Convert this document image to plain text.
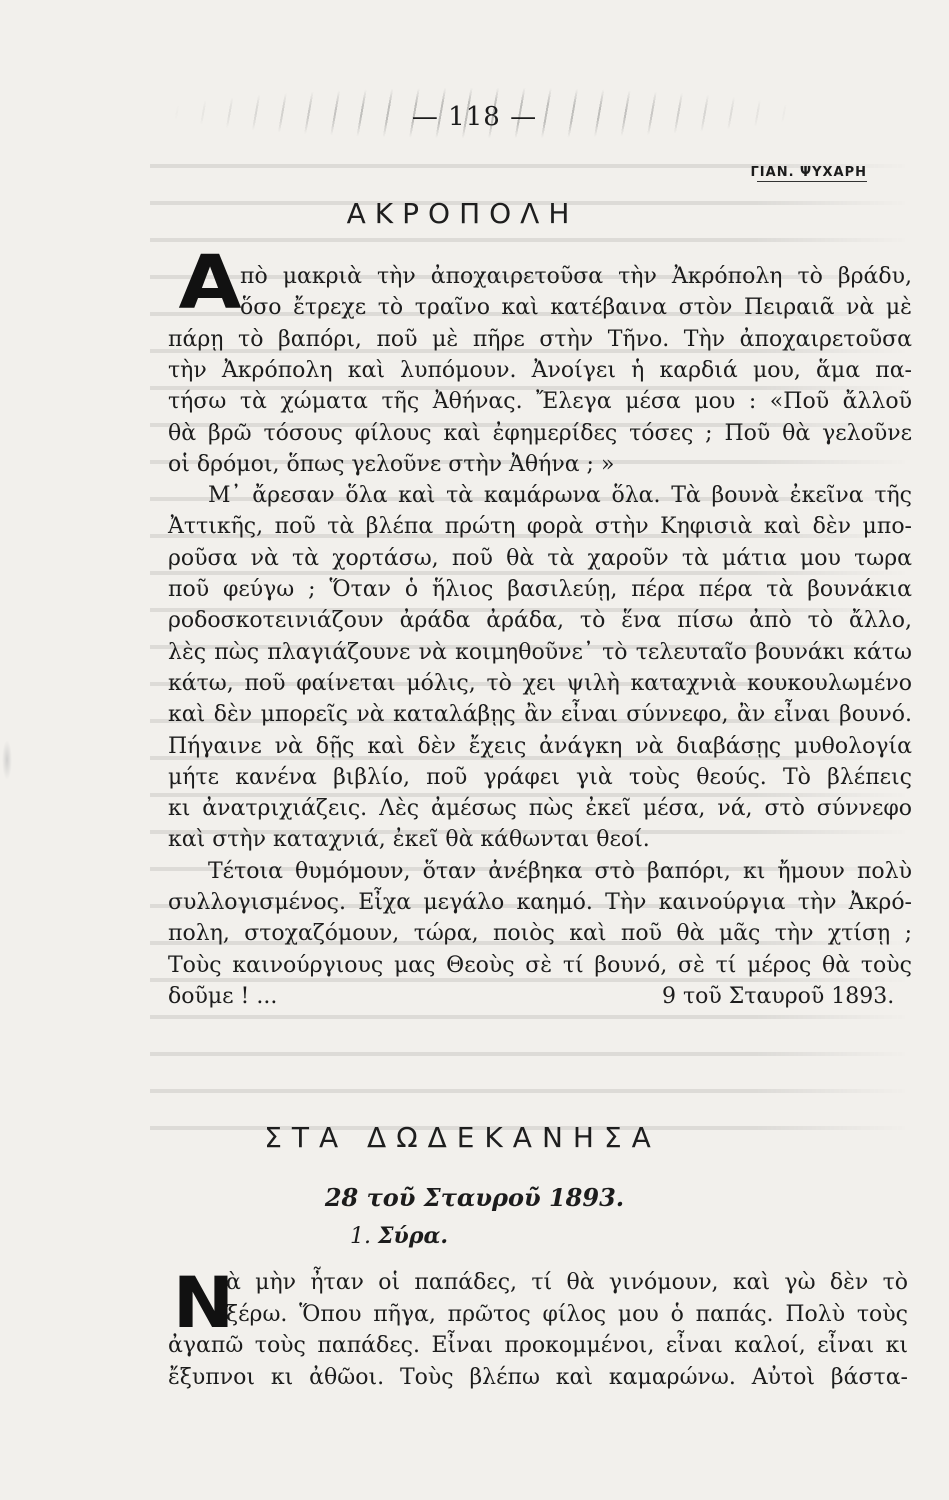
— 118 —
ΓΙΑΝ. ΨΥΧΑΡΗ
ΑΚΡΟΠΟΛΗ
Α
πὸ μακριὰ τὴν ἀποχαιρετοῦσα τὴν Ἀκρόπολη τὸ βράδυ,
ὅσο ἔτρεχε τὸ τραῖνο καὶ κατέβαινα στὸν Πειραιᾶ νὰ μὲ
πάρῃ τὸ βαπόρι, ποῦ μὲ πῆρε στὴν Τῆνο. Τὴν ἀποχαιρετοῦσα
τὴν Ἀκρόπολη καὶ λυπόμουν. Ἀνοίγει ἡ καρδιά μου, ἅμα πα-
τήσω τὰ χώματα τῆς Ἀθήνας. Ἔλεγα μέσα μου : «Ποῦ ἄλλοῦ
θὰ βρῶ τόσους φίλους καὶ ἐφημερίδες τόσες ; Ποῦ θὰ γελοῦνε
οἱ δρόμοι, ὅπως γελοῦνε στὴν Ἀθήνα ; »
Μ᾿ ἄρεσαν ὅλα καὶ τὰ καμάρωνα ὅλα. Τὰ βουνὰ ἐκεῖνα τῆς
Ἀττικῆς, ποῦ τὰ βλέπα πρώτη φορὰ στὴν Κηφισιὰ καὶ δὲν μπο-
ροῦσα νὰ τὰ χορτάσω, ποῦ θὰ τὰ χαροῦν τὰ μάτια μου τωρα
ποῦ φεύγω ; Ὅταν ὁ ἥλιος βασιλεύῃ, πέρα πέρα τὰ βουνάκια
ροδοσκοτεινιάζουν ἀράδα ἀράδα, τὸ ἕνα πίσω ἀπὸ τὸ ἄλλο,
λὲς πὼς πλαγιάζουνε νὰ κοιμηθοῦνε᾿ τὸ τελευταῖο βουνάκι κάτω
κάτω, ποῦ φαίνεται μόλις, τὸ χει ψιλὴ καταχνιὰ κουκουλωμένο
καὶ δὲν μπορεῖς νὰ καταλάβῃς ἂν εἶναι σύννεφο, ἂν εἶναι βουνό.
Πήγαινε νὰ δῇς καὶ δὲν ἔχεις ἀνάγκη νὰ διαβάσῃς μυθολογία
μήτε κανένα βιβλίο, ποῦ γράφει γιὰ τοὺς θεούς. Τὸ βλέπεις
κι ἀνατριχιάζεις. Λὲς ἀμέσως πὼς ἐκεῖ μέσα, νά, στὸ σύννεφο
καὶ στὴν καταχνιά, ἐκεῖ θὰ κάθωνται θεοί.
Τέτοια θυμόμουν, ὅταν ἀνέβηκα στὸ βαπόρι, κι ἤμουν πολὺ
συλλογισμένος. Εἶχα μεγάλο καημό. Τὴν καινούργια τὴν Ἀκρό-
πολη, στοχαζόμουν, τώρα, ποιὸς καὶ ποῦ θὰ μᾶς τὴν χτίσῃ ;
Τοὺς καινούργιους μας Θεοὺς σὲ τί βουνό, σὲ τί μέρος θὰ τοὺς
δοῦμε ! ...	9 τοῦ Σταυροῦ 1893.
ΣΤΑ ΔΩΔΕΚΑΝΗΣΑ
28 τοῦ Σταυροῦ 1893.
1. Σύρα.
Ν
ὰ μὴν ἦταν οἱ παπάδες, τί θὰ γινόμουν, καὶ γὼ δὲν τὸ
ξέρω. Ὅπου πῆγα, πρῶτος φίλος μου ὁ παπάς. Πολὺ τοὺς
ἀγαπῶ τοὺς παπάδες. Εἶναι προκομμένοι, εἶναι καλοί, εἶναι κι
ἔξυπνοι κι ἀθῶοι. Τοὺς βλέπω καὶ καμαρώνω. Αὐτοὶ βάστα-
